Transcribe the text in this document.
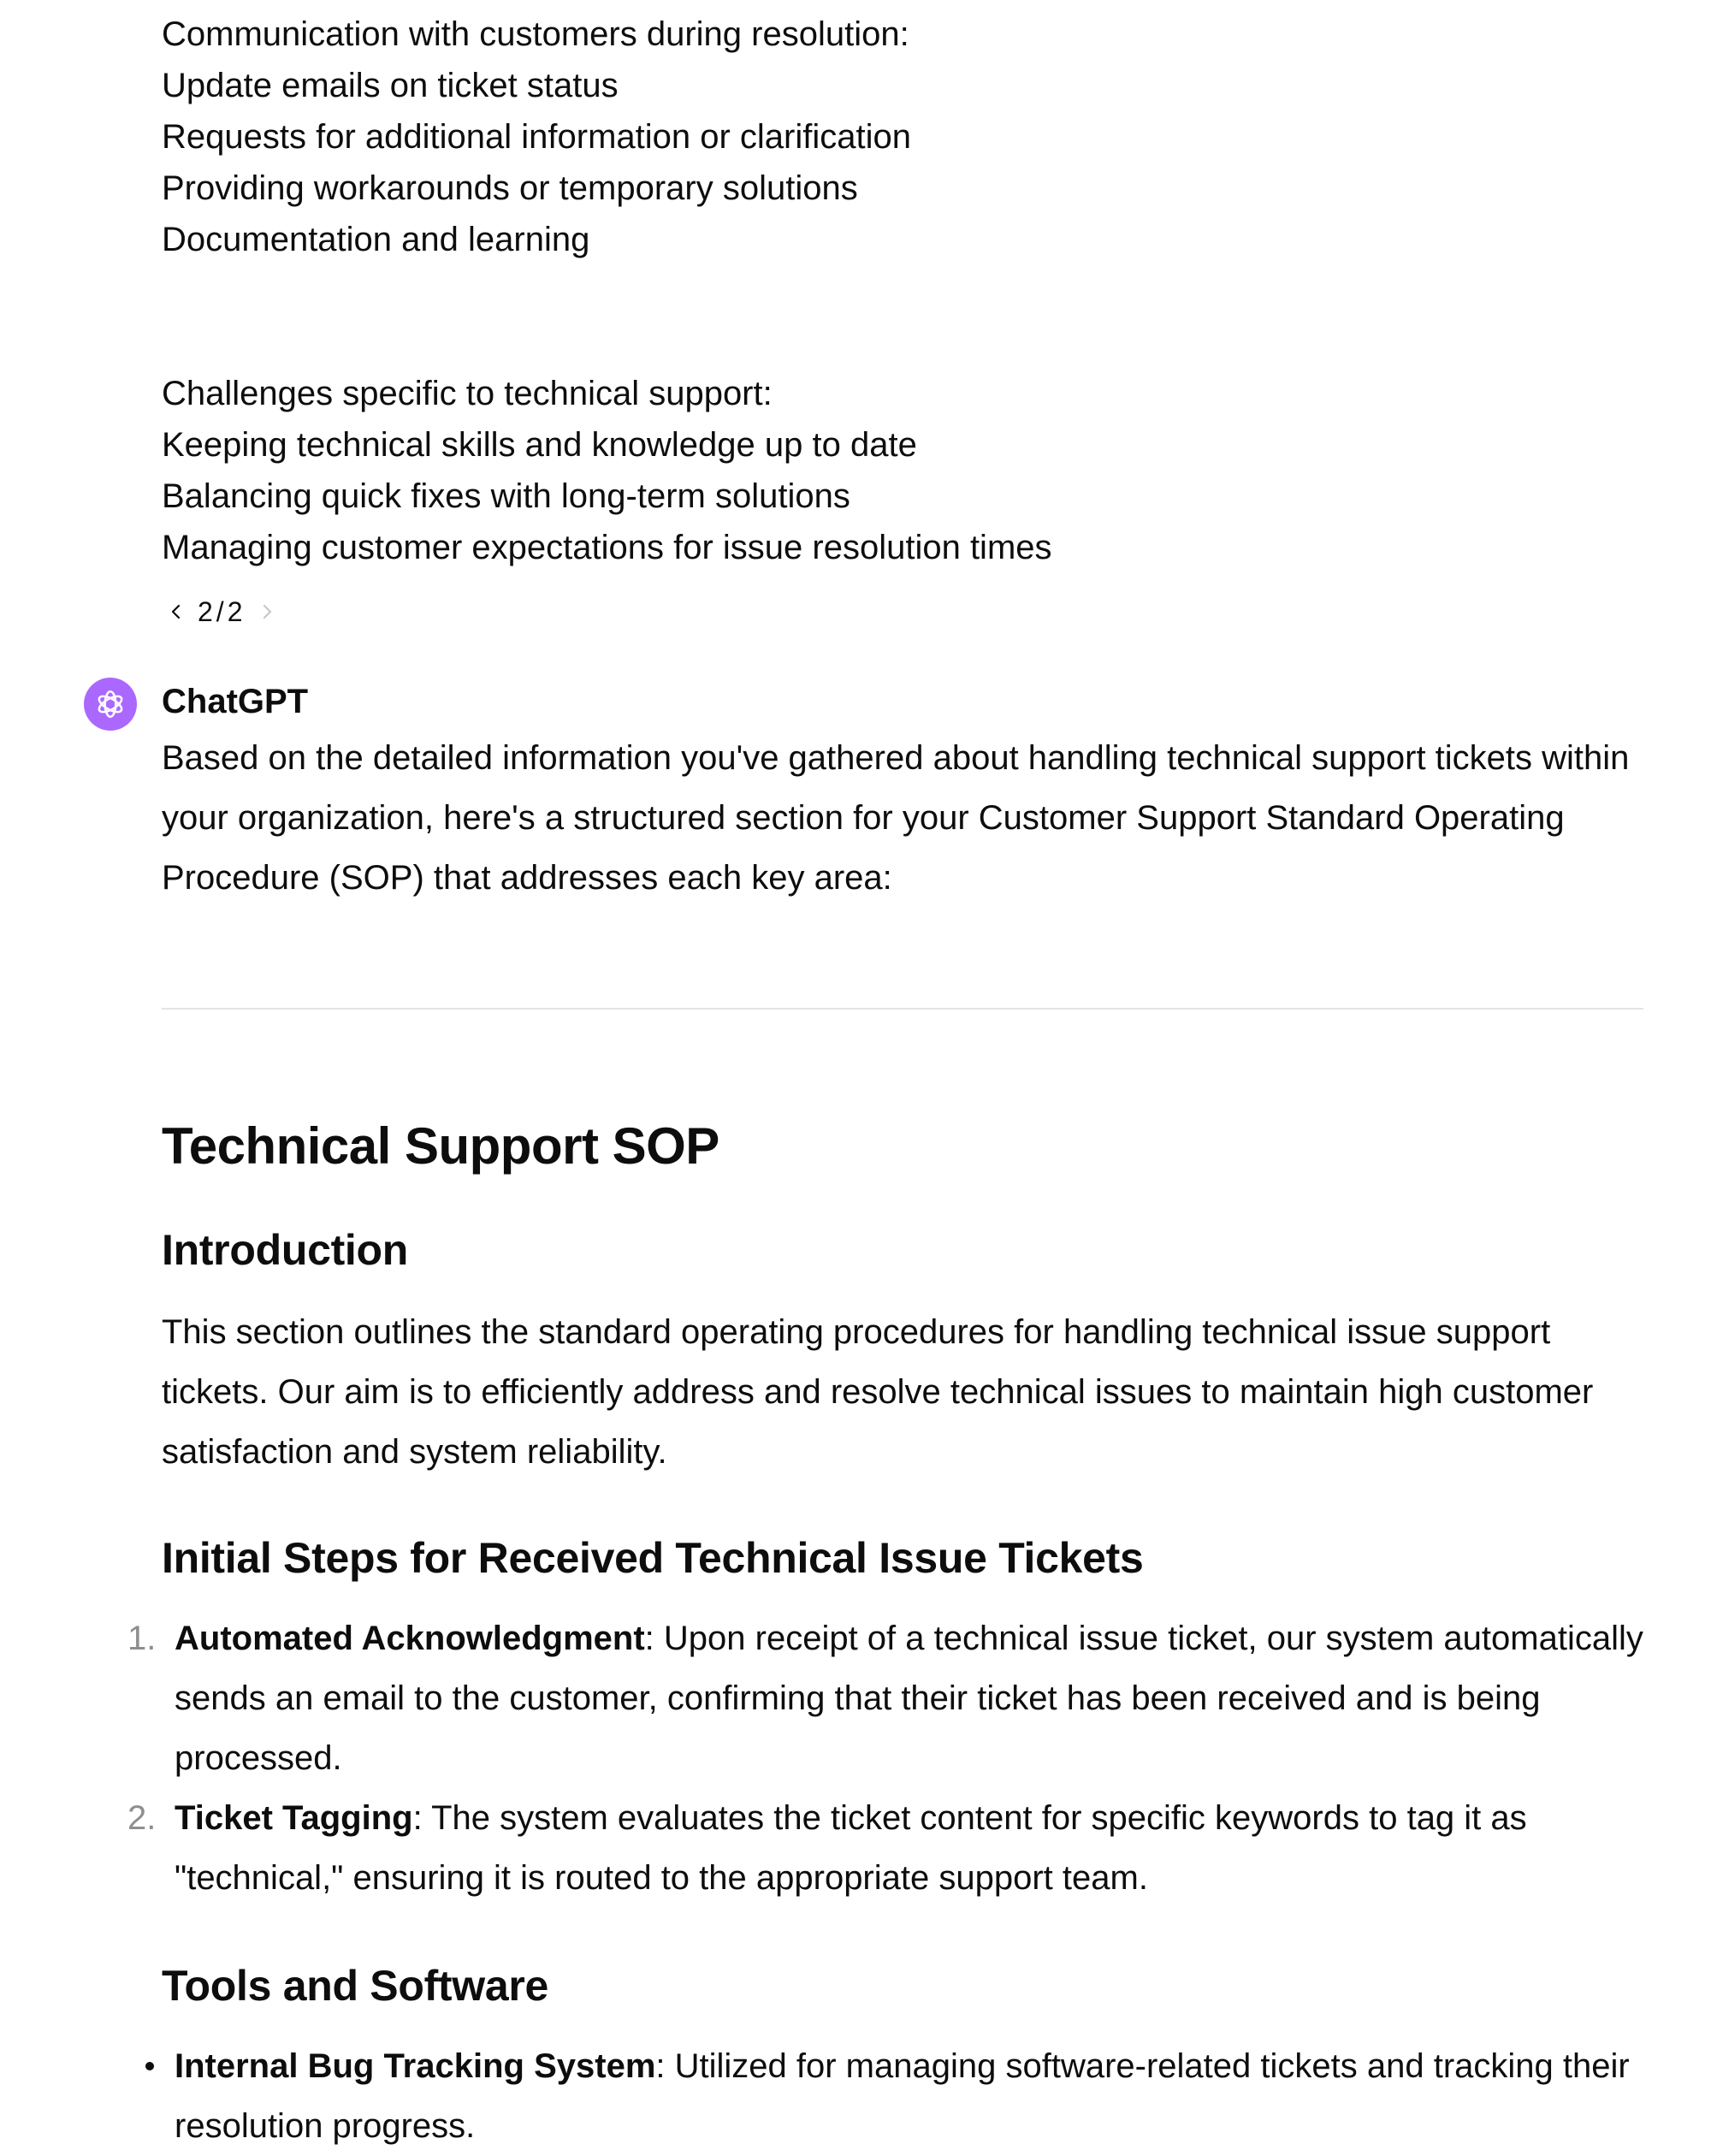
Communication with customers during resolution:
Update emails on ticket status
Requests for additional information or clarification
Providing workarounds or temporary solutions
Documentation and learning
Challenges specific to technical support:
Keeping technical skills and knowledge up to date
Balancing quick fixes with long-term solutions
Managing customer expectations for issue resolution times
2/2
ChatGPT
Based on the detailed information you've gathered about handling technical support tickets within your organization, here's a structured section for your Customer Support Standard Operating Procedure (SOP) that addresses each key area:
Technical Support SOP
Introduction
This section outlines the standard operating procedures for handling technical issue support tickets. Our aim is to efficiently address and resolve technical issues to maintain high customer satisfaction and system reliability.
Initial Steps for Received Technical Issue Tickets
1. Automated Acknowledgment: Upon receipt of a technical issue ticket, our system automatically sends an email to the customer, confirming that their ticket has been received and is being processed.
2. Ticket Tagging: The system evaluates the ticket content for specific keywords to tag it as "technical," ensuring it is routed to the appropriate support team.
Tools and Software
Internal Bug Tracking System: Utilized for managing software-related tickets and tracking their resolution progress.
